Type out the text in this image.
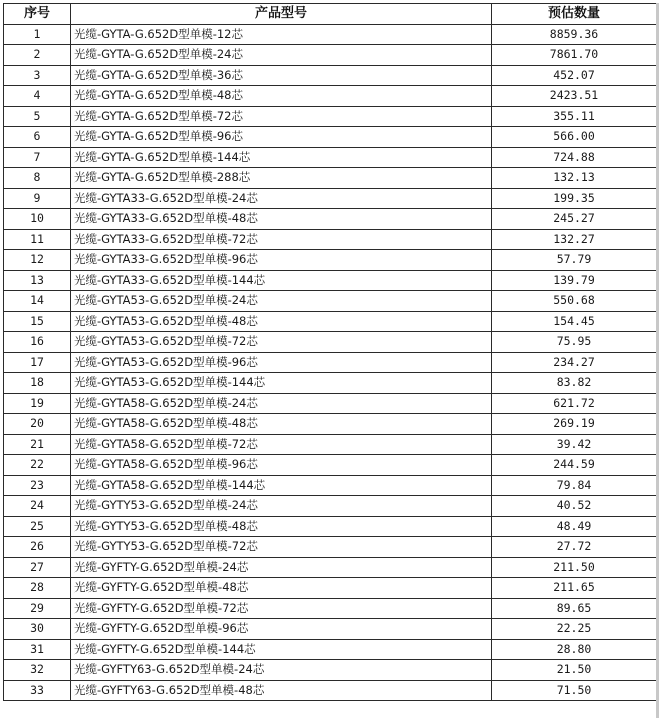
序号	产品型号	预估数量
1	光缆-GYTA-G.652D型单模-12芯	8859.36
2	光缆-GYTA-G.652D型单模-24芯	7861.70
3	光缆-GYTA-G.652D型单模-36芯	452.07
4	光缆-GYTA-G.652D型单模-48芯	2423.51
5	光缆-GYTA-G.652D型单模-72芯	355.11
6	光缆-GYTA-G.652D型单模-96芯	566.00
7	光缆-GYTA-G.652D型单模-144芯	724.88
8	光缆-GYTA-G.652D型单模-288芯	132.13
9	光缆-GYTA33-G.652D型单模-24芯	199.35
10	光缆-GYTA33-G.652D型单模-48芯	245.27
11	光缆-GYTA33-G.652D型单模-72芯	132.27
12	光缆-GYTA33-G.652D型单模-96芯	57.79
13	光缆-GYTA33-G.652D型单模-144芯	139.79
14	光缆-GYTA53-G.652D型单模-24芯	550.68
15	光缆-GYTA53-G.652D型单模-48芯	154.45
16	光缆-GYTA53-G.652D型单模-72芯	75.95
17	光缆-GYTA53-G.652D型单模-96芯	234.27
18	光缆-GYTA53-G.652D型单模-144芯	83.82
19	光缆-GYTA58-G.652D型单模-24芯	621.72
20	光缆-GYTA58-G.652D型单模-48芯	269.19
21	光缆-GYTA58-G.652D型单模-72芯	39.42
22	光缆-GYTA58-G.652D型单模-96芯	244.59
23	光缆-GYTA58-G.652D型单模-144芯	79.84
24	光缆-GYTY53-G.652D型单模-24芯	40.52
25	光缆-GYTY53-G.652D型单模-48芯	48.49
26	光缆-GYTY53-G.652D型单模-72芯	27.72
27	光缆-GYFTY-G.652D型单模-24芯	211.50
28	光缆-GYFTY-G.652D型单模-48芯	211.65
29	光缆-GYFTY-G.652D型单模-72芯	89.65
30	光缆-GYFTY-G.652D型单模-96芯	22.25
31	光缆-GYFTY-G.652D型单模-144芯	28.80
32	光缆-GYFTY63-G.652D型单模-24芯	21.50
33	光缆-GYFTY63-G.652D型单模-48芯	71.50
